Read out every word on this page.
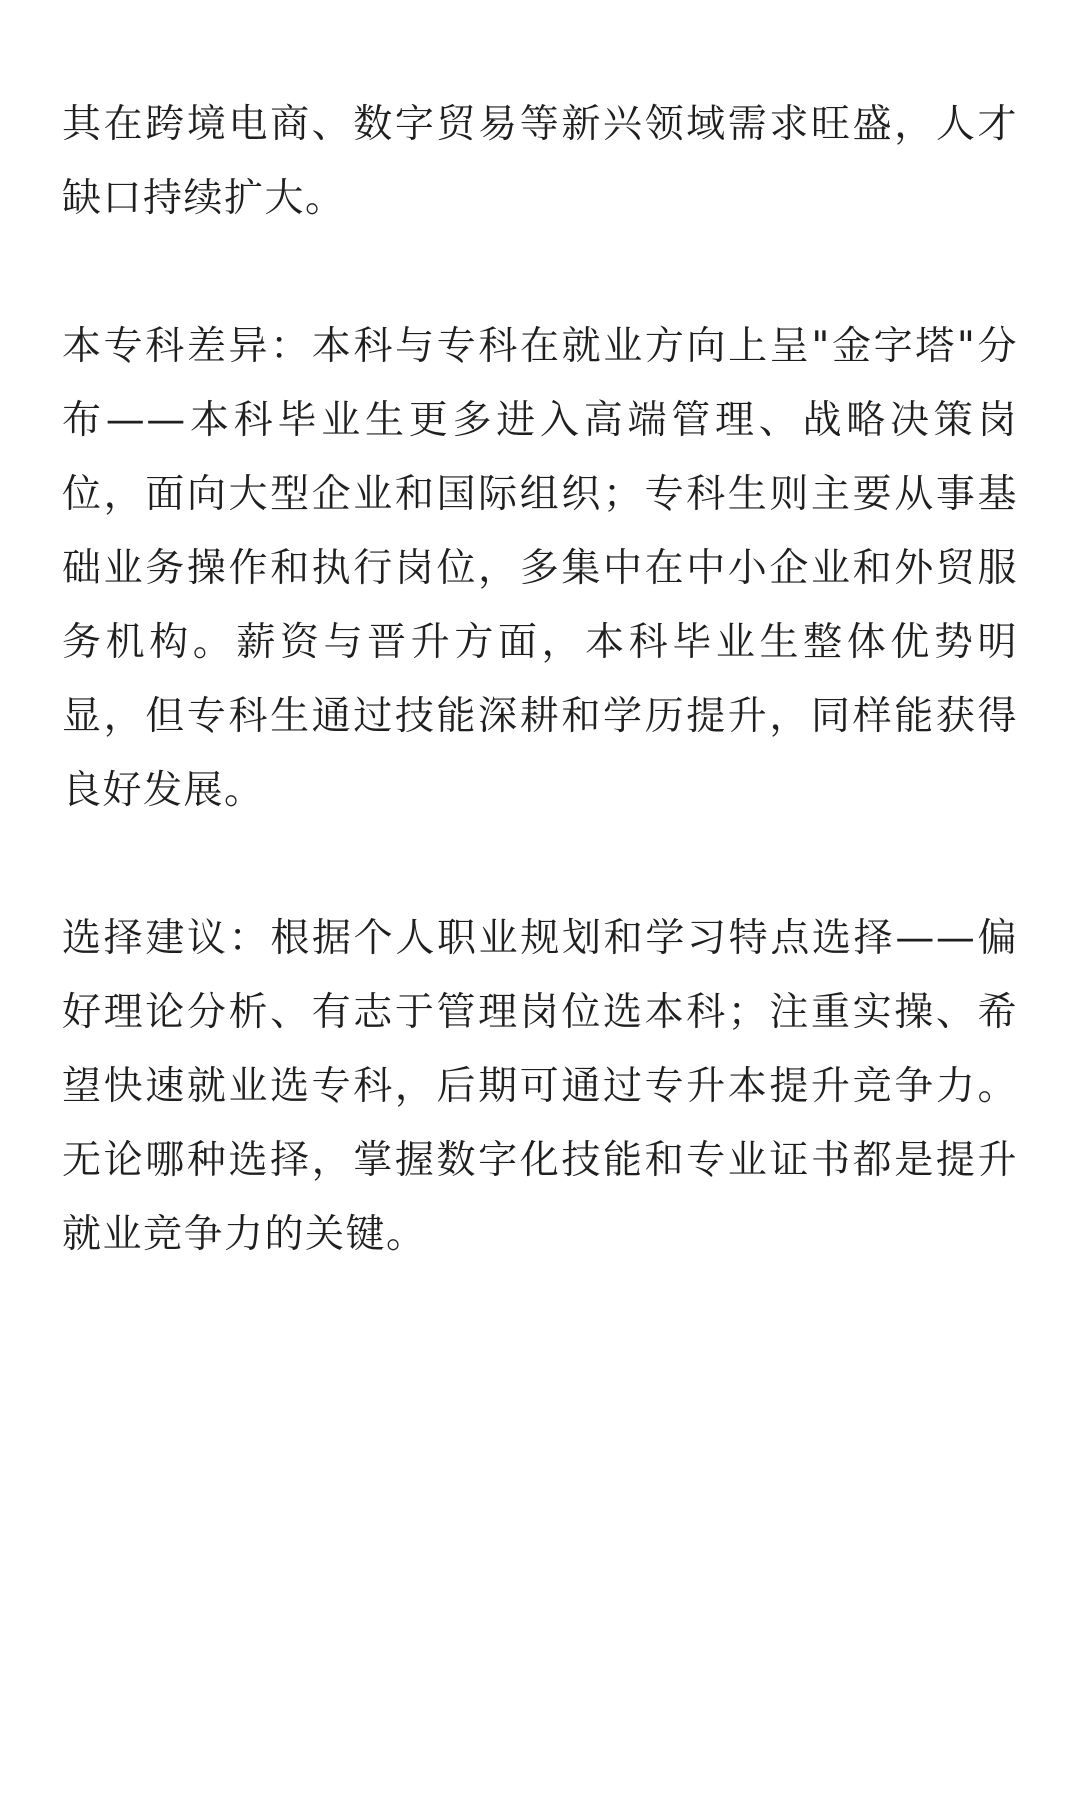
其在跨境电商、数字贸易等新兴领域需求旺盛，人才缺口持续扩大。

本专科差异：本科与专科在就业方向上呈"金字塔"分布——本科毕业生更多进入高端管理、战略决策岗位，面向大型企业和国际组织；专科生则主要从事基础业务操作和执行岗位，多集中在中小企业和外贸服务机构。薪资与晋升方面，本科毕业生整体优势明显，但专科生通过技能深耕和学历提升，同样能获得良好发展。

选择建议：根据个人职业规划和学习特点选择——偏好理论分析、有志于管理岗位选本科；注重实操、希望快速就业选专科，后期可通过专升本提升竞争力。无论哪种选择，掌握数字化技能和专业证书都是提升就业竞争力的关键。
